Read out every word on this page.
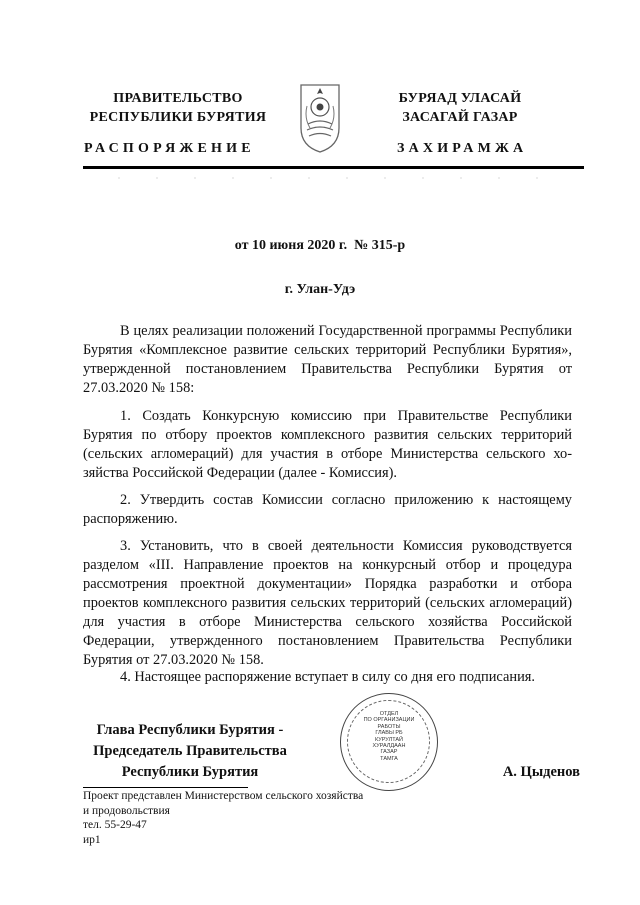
ПРАВИТЕЛЬСТВО
РЕСПУБЛИКИ БУРЯТИЯ
БУРЯАД УЛАСАЙ
ЗАСАГАЙ ГАЗАР
РАСПОРЯЖЕНИЕ	ЗАХИРАМЖА
от 10 июня 2020 г.  № 315-р
г. Улан-Удэ
В целях реализации положений Государственной программы Республики Бурятия «Комплексное развитие сельских территорий Республики Бурятия», утвержденной постановлением Правительства Республики Бурятия от 27.03.2020 № 158:
1. Создать Конкурсную комиссию при Правительстве Республики Бурятия по отбору проектов комплексного развития сельских территорий (сельских агломераций) для участия в отборе Министерства сельского хозяйства Российской Федерации (далее - Комиссия).
2. Утвердить состав Комиссии согласно приложению к настоящему распоряжению.
3. Установить, что в своей деятельности Комиссия руководствуется разделом «III. Направление проектов на конкурсный отбор и процедура рассмотрения проектной документации» Порядка разработки и отбора проектов комплексного развития сельских территорий (сельских агломераций) для участия в отборе Министерства сельского хозяйства Российской Федерации, утвержденного постановлением Правительства Республики Бурятия от 27.03.2020 № 158.
4. Настоящее распоряжение вступает в силу со дня его подписания.
Глава Республики Бурятия -
Председатель Правительства
Республики Бурятия
ОТДЕЛ
ПО ОРГАНИЗАЦИИ
РАБОТЫ
ГЛАВЫ РБ
КУРУЛТАЙ
ХУРАЛДААН
ГАЗАР
ТАМГА
А. Цыденов
Проект представлен Министерством сельского хозяйства
и продовольствия
тел. 55-29-47
ир1
